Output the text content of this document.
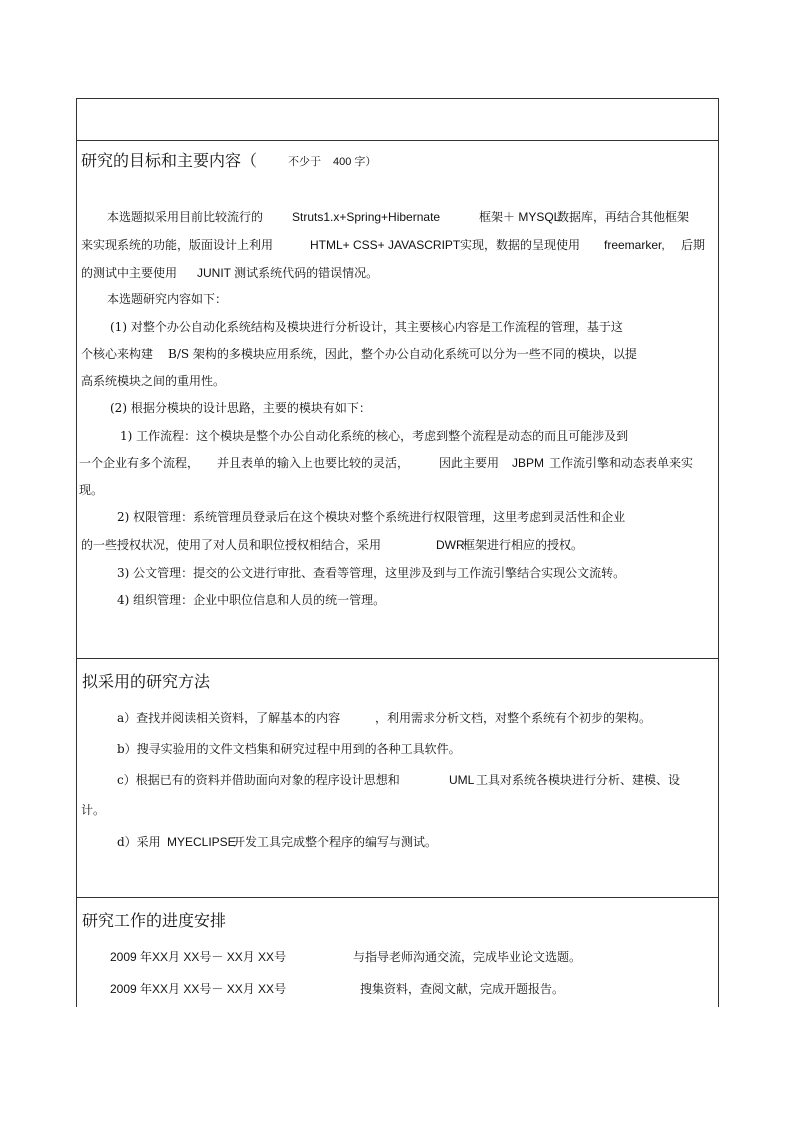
研究的目标和主要内容（	不少于 400 字）
本选题拟采用目前比较流行的 Struts1.x+Spring+Hibernate	框架＋ MYSQL
数据库，再结合其他框架
来实现系统的功能，版面设计上利用	HTML+ CSS+ JAVASCRIPT 实现，数据的呈现使用 freemarker, 后期
的测试中主要使用 JUNIT 测试系统代码的错误情况。
本选题研究内容如下：
(1) 对整个办公自动化系统结构及模块进行分析设计，其主要核心内容是工作流程的管理，基于这
个核心来构建 B/S 架构的多模块应用系统，因此，整个办公自动化系统可以分为一些不同的模块，以提
高系统模块之间的重用性。
(2) 根据分模块的设计思路，主要的模块有如下：
1) 工作流程：这个模块是整个办公自动化系统的核心，考虑到整个流程是动态的而且可能涉及到
一个企业有多个流程， 并且表单的输入上也要比较的灵活， 因此主要用 JBPM 工作流引擎和动态表单来实
现。
2) 权限管理：系统管理员登录后在这个模块对整个系统进行权限管理，这里考虑到灵活性和企业
的一些授权状况，使用了对人员和职位授权相结合，采用	DWR
框架进行相应的授权。
3) 公文管理：提交的公文进行审批、查看等管理，这里涉及到与工作流引擎结合实现公文流转。
4) 组织管理：企业中职位信息和人员的统一管理。
拟采用的研究方法
a）查找并阅读相关资料，了解基本的内容	，利用需求分析文档，对整个系统有个初步的架构。
b）搜寻实验用的文件文档集和研究过程中用到的各种工具软件。
c）根据已有的资料并借助面向对象的程序设计思想和	UML 工具对系统各模块进行分析、建模、设
计。
d）采用 MYECLIPSE
开发工具完成整个程序的编写与测试。
研究工作的进度安排
2009 年XX月 XX号－ XX月 XX号	与指导老师沟通交流，完成毕业论文选题。
2009 年XX月 XX号－ XX月 XX号	搜集资料，查阅文献，完成开题报告。
